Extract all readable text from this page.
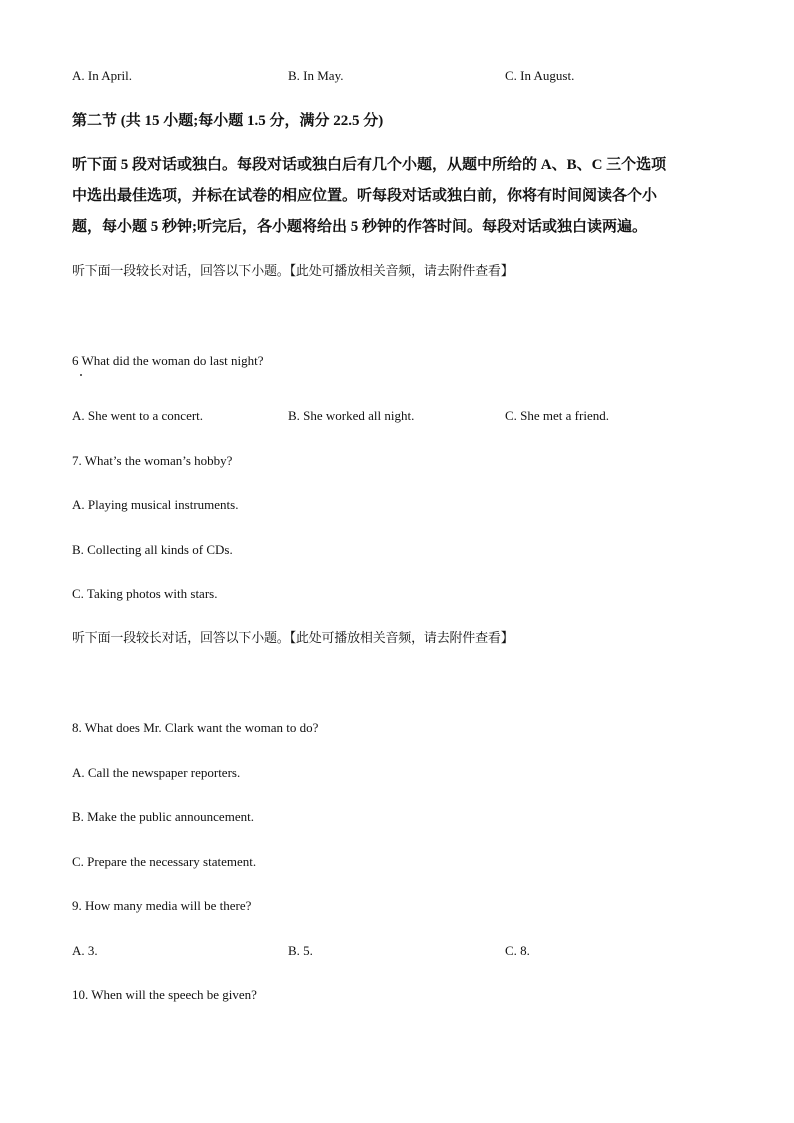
A. In April.	B. In May.	C. In August.
第二节 (共 15 小题;每小题 1.5 分，满分 22.5 分)
听下面 5 段对话或独白。每段对话或独白后有几个小题，从题中所给的 A、B、C 三个选项
中选出最佳选项，并标在试卷的相应位置。听每段对话或独白前，你将有时间阅读各个小
题，每小题 5 秒钟;听完后，各小题将给出 5 秒钟的作答时间。每段对话或独白读两遍。
听下面一段较长对话，回答以下小题。【此处可播放相关音频，请去附件查看】
6 What did the woman do last night?
A. She went to a concert.	B. She worked all night.	C. She met a friend.
7. What’s the woman’s hobby?
A. Playing musical instruments.
B. Collecting all kinds of CDs.
C. Taking photos with stars.
听下面一段较长对话，回答以下小题。【此处可播放相关音频，请去附件查看】
8. What does Mr. Clark want the woman to do?
A. Call the newspaper reporters.
B. Make the public announcement.
C. Prepare the necessary statement.
9. How many media will be there?
A. 3.	B. 5.	C. 8.
10. When will the speech be given?
